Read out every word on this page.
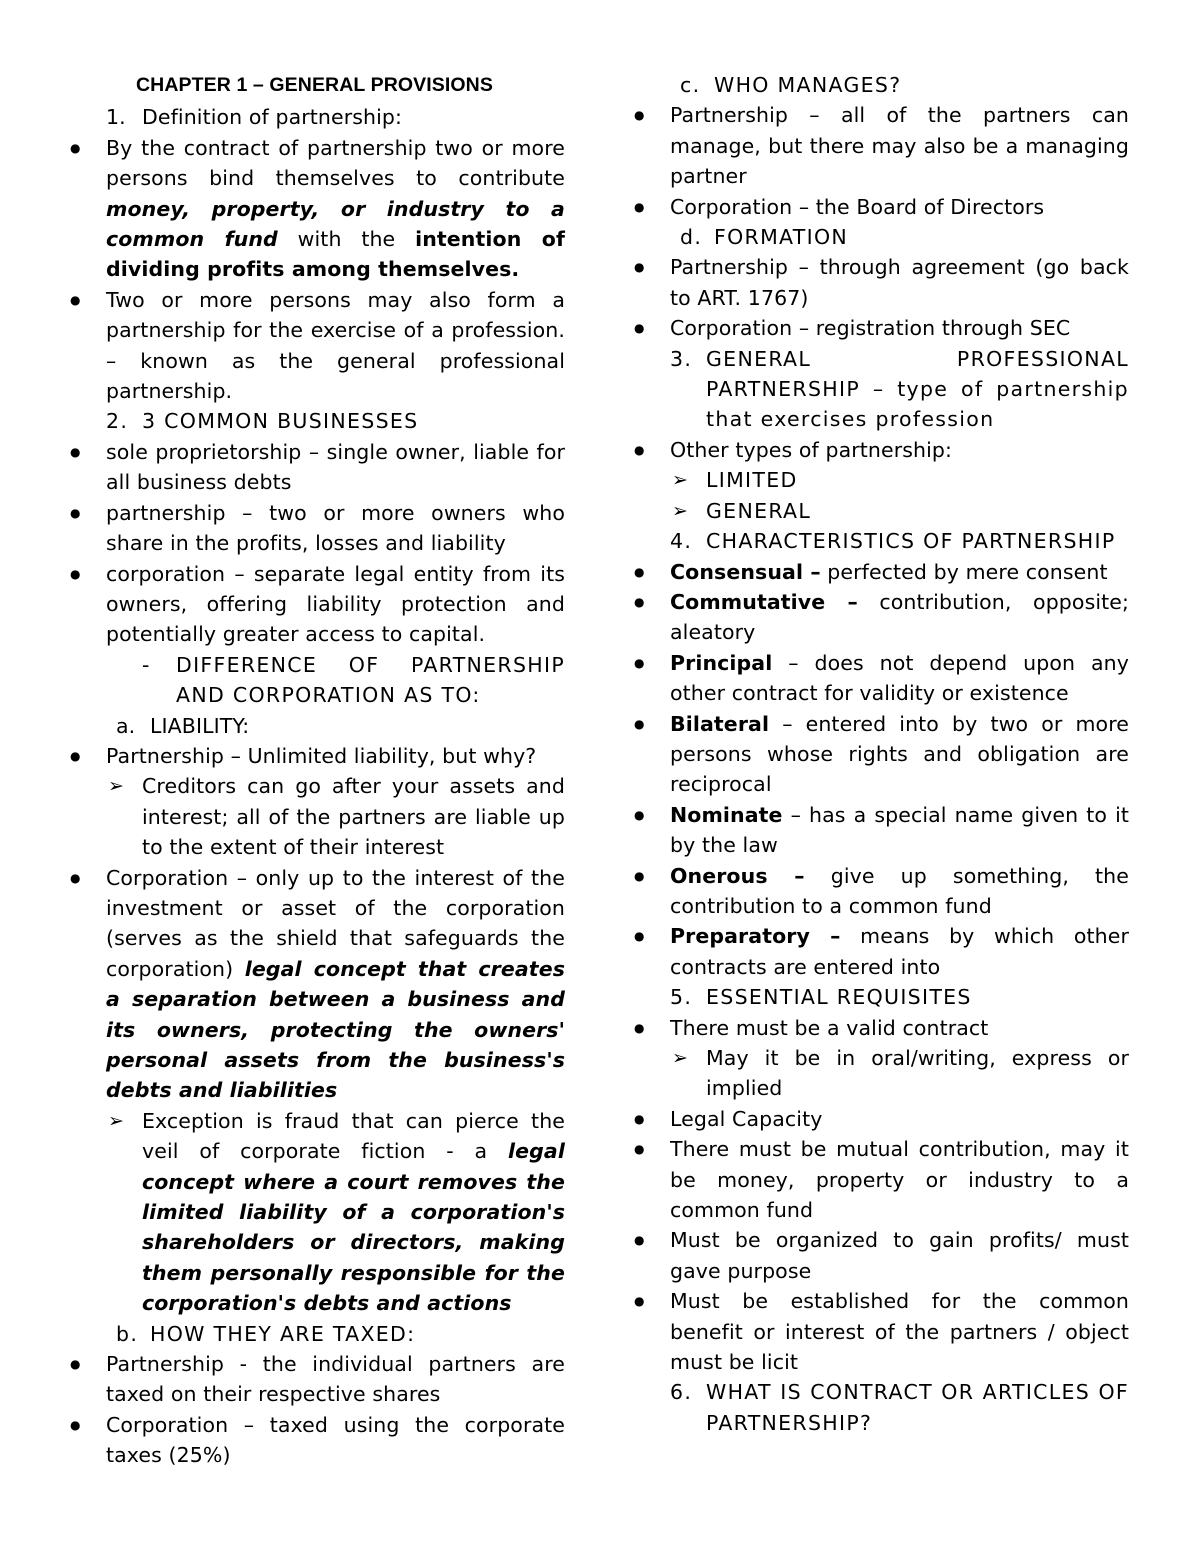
CHAPTER 1 – GENERAL PROVISIONS
1. Definition of partnership:
● By the contract of partnership two or more persons bind themselves to contribute money, property, or industry to a common fund with the intention of dividing profits among themselves.
● Two or more persons may also form a partnership for the exercise of a profession. – known as the general professional partnership.
2. 3 COMMON BUSINESSES
● sole proprietorship – single owner, liable for all business debts
● partnership – two or more owners who share in the profits, losses and liability
● corporation – separate legal entity from its owners, offering liability protection and potentially greater access to capital.
- DIFFERENCE OF PARTNERSHIP AND CORPORATION AS TO:
a. LIABILITY:
● Partnership – Unlimited liability, but why?
➢ Creditors can go after your assets and interest; all of the partners are liable up to the extent of their interest
● Corporation – only up to the interest of the investment or asset of the corporation (serves as the shield that safeguards the corporation) legal concept that creates a separation between a business and its owners, protecting the owners' personal assets from the business's debts and liabilities
➢ Exception is fraud that can pierce the veil of corporate fiction - a legal concept where a court removes the limited liability of a corporation's shareholders or directors, making them personally responsible for the corporation's debts and actions
b. HOW THEY ARE TAXED:
● Partnership - the individual partners are taxed on their respective shares
● Corporation – taxed using the corporate taxes (25%)
c. WHO MANAGES?
● Partnership – all of the partners can manage, but there may also be a managing partner
● Corporation – the Board of Directors
d. FORMATION
● Partnership – through agreement (go back to ART. 1767)
● Corporation – registration through SEC
3. GENERAL PROFESSIONAL PARTNERSHIP – type of partnership that exercises profession
● Other types of partnership:
➢ LIMITED
➢ GENERAL
4. CHARACTERISTICS OF PARTNERSHIP
● Consensual – perfected by mere consent
● Commutative – contribution, opposite; aleatory
● Principal – does not depend upon any other contract for validity or existence
● Bilateral – entered into by two or more persons whose rights and obligation are reciprocal
● Nominate – has a special name given to it by the law
● Onerous – give up something, the contribution to a common fund
● Preparatory – means by which other contracts are entered into
5. ESSENTIAL REQUISITES
● There must be a valid contract
➢ May it be in oral/writing, express or implied
● Legal Capacity
● There must be mutual contribution, may it be money, property or industry to a common fund
● Must be organized to gain profits/ must gave purpose
● Must be established for the common benefit or interest of the partners / object must be licit
6. WHAT IS CONTRACT OR ARTICLES OF PARTNERSHIP?
